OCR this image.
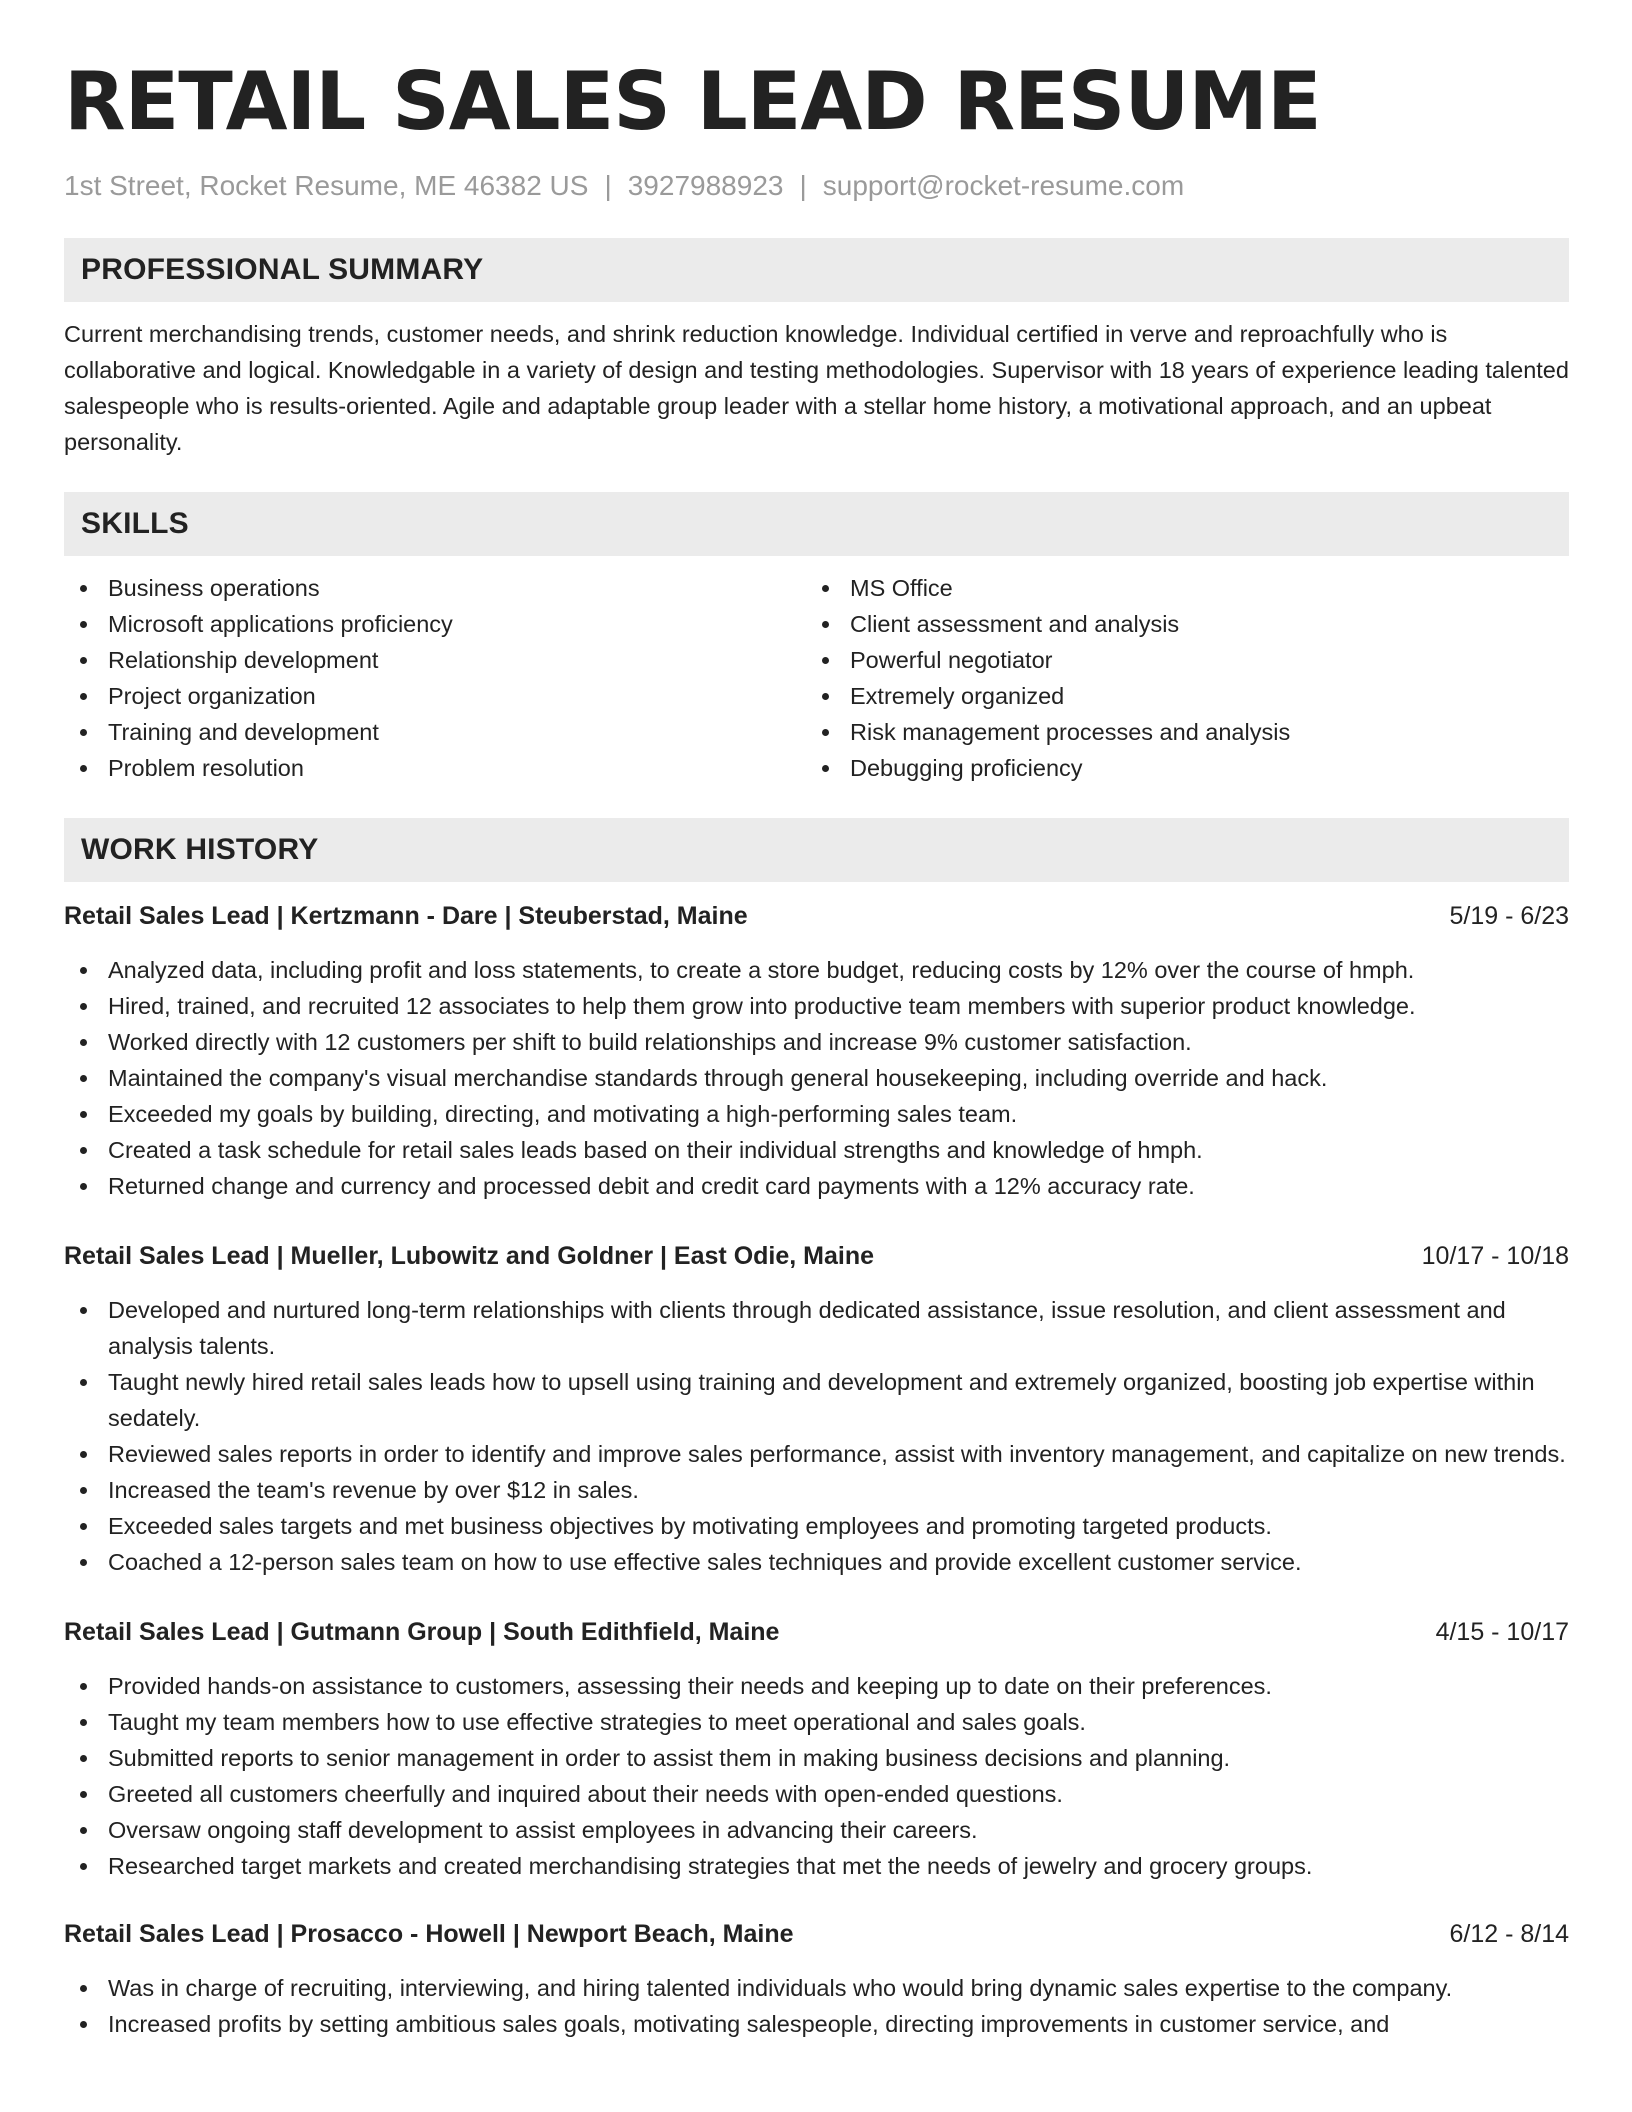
RETAIL SALES LEAD RESUME
1st Street, Rocket Resume, ME 46382 US | 3927988923 | support@rocket-resume.com
PROFESSIONAL SUMMARY

Current merchandising trends, customer needs, and shrink reduction knowledge. Individual certified in verve and reproachfully who is collaborative and logical. Knowledgable in a variety of design and testing methodologies. Supervisor with 18 years of experience leading talented salespeople who is results-oriented. Agile and adaptable group leader with a stellar home history, a motivational approach, and an upbeat personality.

SKILLS
Business operations
Microsoft applications proficiency
Relationship development
Project organization
Training and development
Problem resolution
MS Office
Client assessment and analysis
Powerful negotiator
Extremely organized
Risk management processes and analysis
Debugging proficiency
WORK HISTORY
Retail Sales Lead | Kertzmann - Dare | Steuberstad, Maine	5/19 - 6/23
Analyzed data, including profit and loss statements, to create a store budget, reducing costs by 12% over the course of hmph.
Hired, trained, and recruited 12 associates to help them grow into productive team members with superior product knowledge.
Worked directly with 12 customers per shift to build relationships and increase 9% customer satisfaction.
Maintained the company's visual merchandise standards through general housekeeping, including override and hack.
Exceeded my goals by building, directing, and motivating a high-performing sales team.
Created a task schedule for retail sales leads based on their individual strengths and knowledge of hmph.
Returned change and currency and processed debit and credit card payments with a 12% accuracy rate.
Retail Sales Lead | Mueller, Lubowitz and Goldner | East Odie, Maine	10/17 - 10/18
Developed and nurtured long-term relationships with clients through dedicated assistance, issue resolution, and client assessment and analysis talents.
Taught newly hired retail sales leads how to upsell using training and development and extremely organized, boosting job expertise within sedately.
Reviewed sales reports in order to identify and improve sales performance, assist with inventory management, and capitalize on new trends.
Increased the team's revenue by over $12 in sales.
Exceeded sales targets and met business objectives by motivating employees and promoting targeted products.
Coached a 12-person sales team on how to use effective sales techniques and provide excellent customer service.
Retail Sales Lead | Gutmann Group | South Edithfield, Maine	4/15 - 10/17
Provided hands-on assistance to customers, assessing their needs and keeping up to date on their preferences.
Taught my team members how to use effective strategies to meet operational and sales goals.
Submitted reports to senior management in order to assist them in making business decisions and planning.
Greeted all customers cheerfully and inquired about their needs with open-ended questions.
Oversaw ongoing staff development to assist employees in advancing their careers.
Researched target markets and created merchandising strategies that met the needs of jewelry and grocery groups.
Retail Sales Lead | Prosacco - Howell | Newport Beach, Maine	6/12 - 8/14
Was in charge of recruiting, interviewing, and hiring talented individuals who would bring dynamic sales expertise to the company.
Increased profits by setting ambitious sales goals, motivating salespeople, directing improvements in customer service, and
